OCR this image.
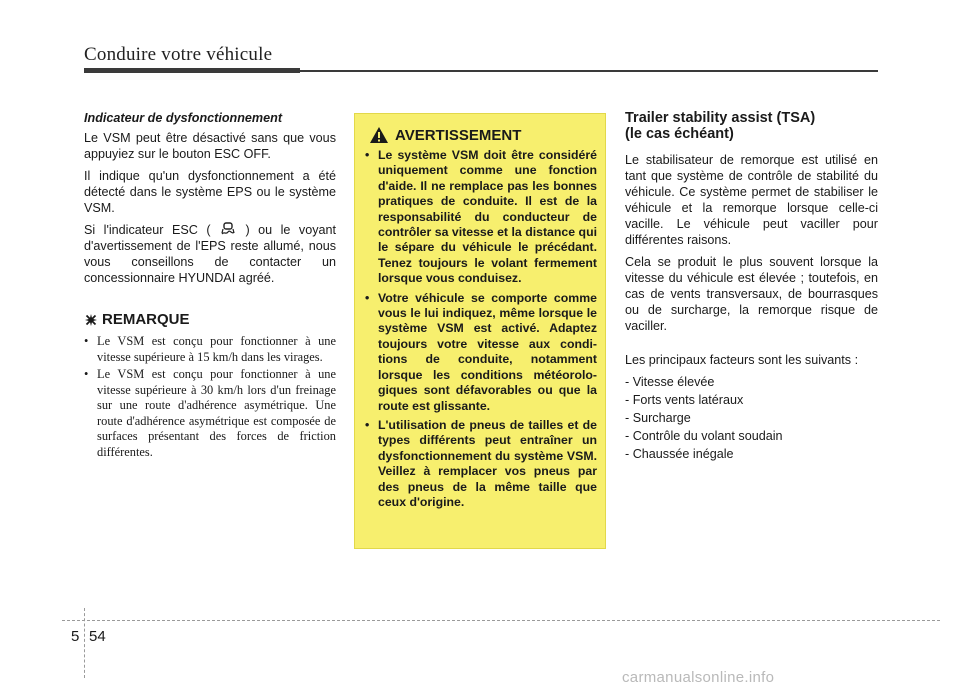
Conduire votre véhicule

Indicateur de dysfonctionnement

Le VSM peut être désactivé sans que vous appuyiez sur le bouton ESC OFF.

Il indique qu'un dysfonctionnement a été détecté dans le système EPS ou le système VSM.

Si l'indicateur ESC (	) ou le voyant d'avertissement de l'EPS reste allumé, nous vous conseillons de contacter un concessionnaire HYUNDAI agréé.

REMARQUE
• Le VSM est conçu pour fonctionner à une vitesse supérieure à 15 km/h dans les virages.
• Le VSM est conçu pour fonctionner à une vitesse supérieure à 30 km/h lors d'un freinage sur une route d'adhérence asymétrique. Une route d'adhérence asymétrique est composée de surfaces présentant des forces de friction différentes.
AVERTISSEMENT
• Le système VSM doit être considéré uniquement comme une fonction d'aide. Il ne remplace pas les bonnes pratiques de conduite. Il est de la responsabilité du conducteur de contrôler sa vitesse et la distance qui le sépare du véhicule le précédant. Tenez toujours le volant fermement lorsque vous conduisez.
• Votre véhicule se comporte comme vous le lui indiquez, même lorsque le système VSM est activé. Adaptez toujours votre vitesse aux condi-tions de conduite, notamment lorsque les conditions météorolo-giques sont défavorables ou que la route est glissante.
• L'utilisation de pneus de tailles et de types différents peut entraîner un dysfonctionnement du système VSM. Veillez à remplacer vos pneus par des pneus de la même taille que ceux d'origine.
Trailer stability assist (TSA)
(le cas échéant)

Le stabilisateur de remorque est utilisé en tant que système de contrôle de stabilité du véhicule. Ce système permet de stabiliser le véhicule et la remorque lorsque celle-ci vacille. Le véhicule peut vaciller pour différentes raisons.

Cela se produit le plus souvent lorsque la vitesse du véhicule est élevée ; toutefois, en cas de vents transversaux, de bourrasques ou de surcharge, la remorque risque de vaciller.

Les principaux facteurs sont les suivants :

- Vitesse élevée
- Forts vents latéraux
- Surcharge
- Contrôle du volant soudain
- Chaussée inégale
5 54
carmanualsonline.info
